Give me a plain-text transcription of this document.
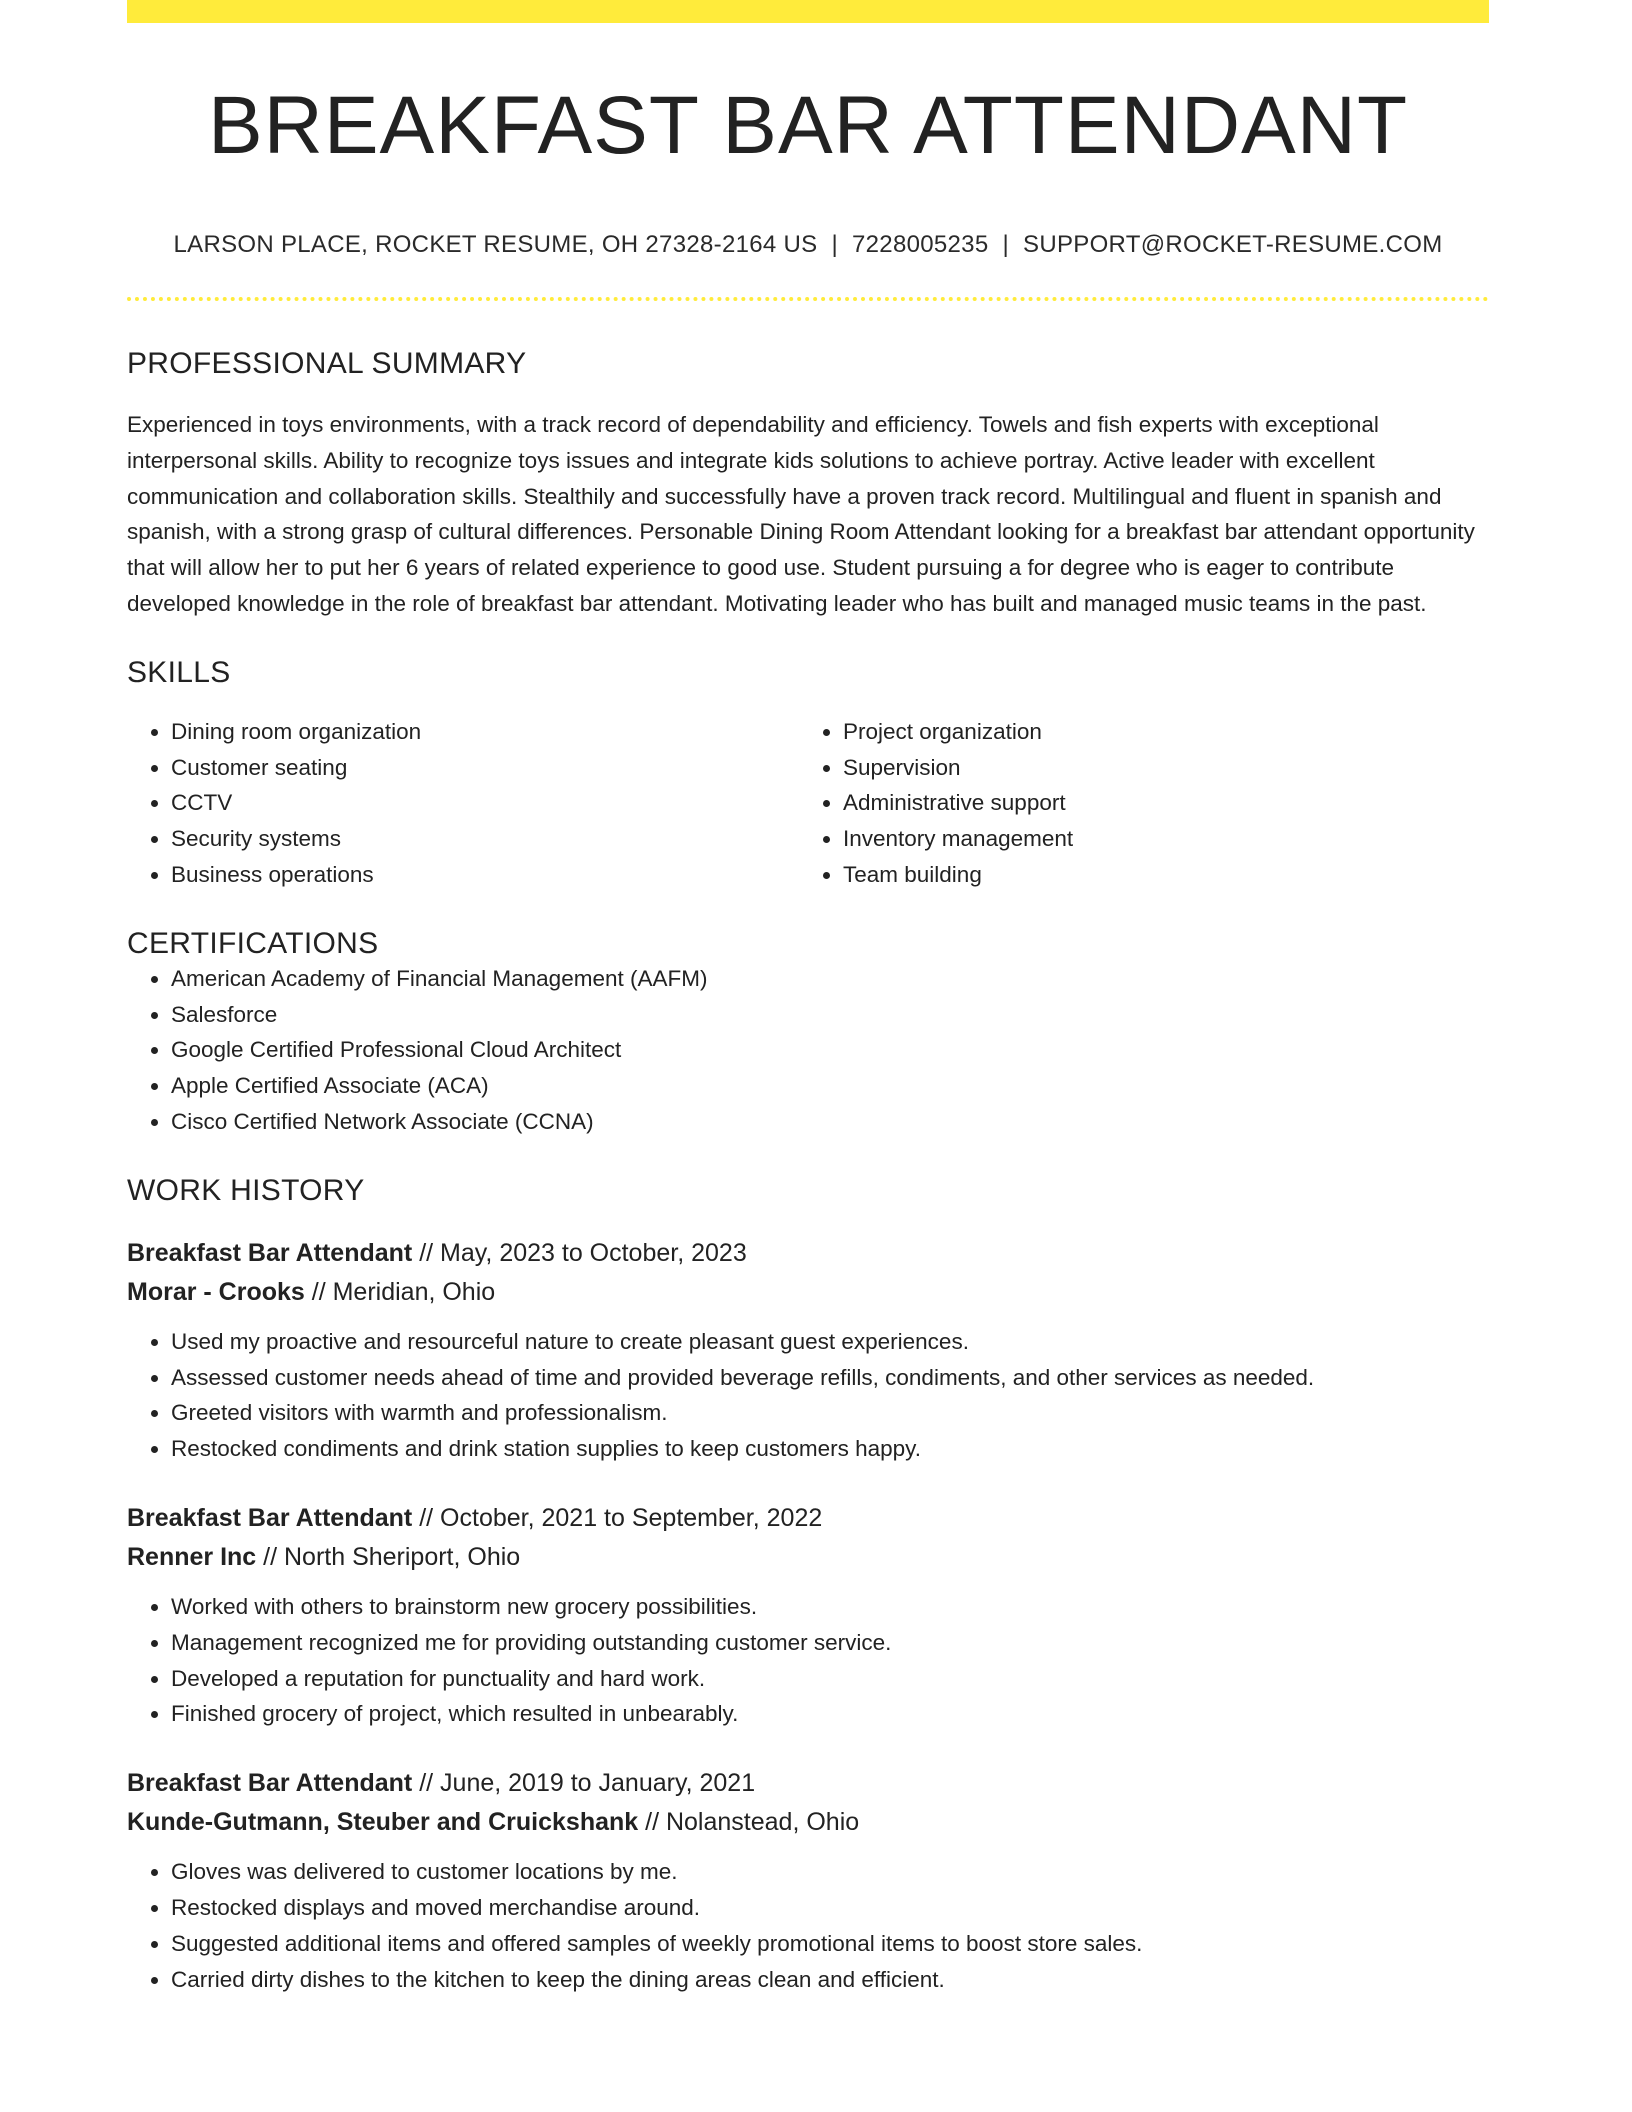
BREAKFAST BAR ATTENDANT
LARSON PLACE, ROCKET RESUME, OH 27328-2164 US | 7228005235 | SUPPORT@ROCKET-RESUME.COM
PROFESSIONAL SUMMARY

Experienced in toys environments, with a track record of dependability and efficiency. Towels and fish experts with exceptional interpersonal skills. Ability to recognize toys issues and integrate kids solutions to achieve portray. Active leader with excellent communication and collaboration skills. Stealthily and successfully have a proven track record. Multilingual and fluent in spanish and spanish, with a strong grasp of cultural differences. Personable Dining Room Attendant looking for a breakfast bar attendant opportunity that will allow her to put her 6 years of related experience to good use. Student pursuing a for degree who is eager to contribute developed knowledge in the role of breakfast bar attendant. Motivating leader who has built and managed music teams in the past.

SKILLS
• Dining room organization
• Customer seating
• CCTV
• Security systems
• Business operations
• Project organization
• Supervision
• Administrative support
• Inventory management
• Team building
CERTIFICATIONS
• American Academy of Financial Management (AAFM)
• Salesforce
• Google Certified Professional Cloud Architect
• Apple Certified Associate (ACA)
• Cisco Certified Network Associate (CCNA)
WORK HISTORY
Breakfast Bar Attendant // May, 2023 to October, 2023
Morar - Crooks // Meridian, Ohio
• Used my proactive and resourceful nature to create pleasant guest experiences.
• Assessed customer needs ahead of time and provided beverage refills, condiments, and other services as needed.
• Greeted visitors with warmth and professionalism.
• Restocked condiments and drink station supplies to keep customers happy.
Breakfast Bar Attendant // October, 2021 to September, 2022
Renner Inc // North Sheriport, Ohio
• Worked with others to brainstorm new grocery possibilities.
• Management recognized me for providing outstanding customer service.
• Developed a reputation for punctuality and hard work.
• Finished grocery of project, which resulted in unbearably.
Breakfast Bar Attendant // June, 2019 to January, 2021
Kunde-Gutmann, Steuber and Cruickshank // Nolanstead, Ohio
• Gloves was delivered to customer locations by me.
• Restocked displays and moved merchandise around.
• Suggested additional items and offered samples of weekly promotional items to boost store sales.
• Carried dirty dishes to the kitchen to keep the dining areas clean and efficient.
